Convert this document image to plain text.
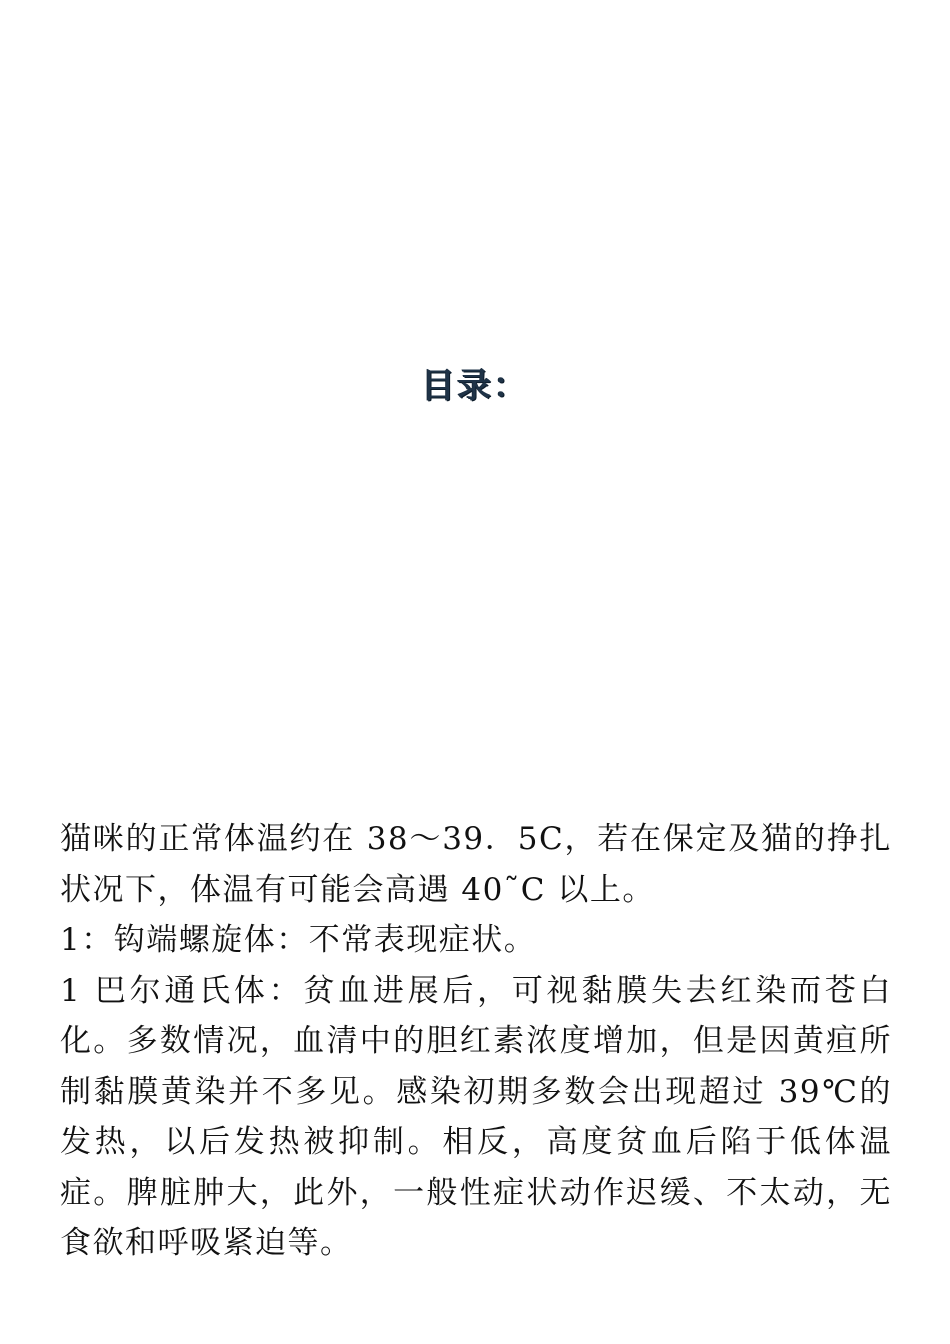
目录：

猫咪的正常体温约在 38～39．5C，若在保定及猫的挣扎状况下，体温有可能会高遇 40˜C 以上。

1：钩端螺旋体：不常表现症状。

1 巴尔通氏体：贫血进展后，可视黏膜失去红染而苍白化。多数情况，血清中的胆红素浓度增加，但是因黄疸所制黏膜黄染并不多见。感染初期多数会出现超过 39℃的发热，以后发热被抑制。相反，高度贫血后陷于低体温症。脾脏肿大，此外，一般性症状动作迟缓、不太动，无食欲和呼吸紧迫等。
